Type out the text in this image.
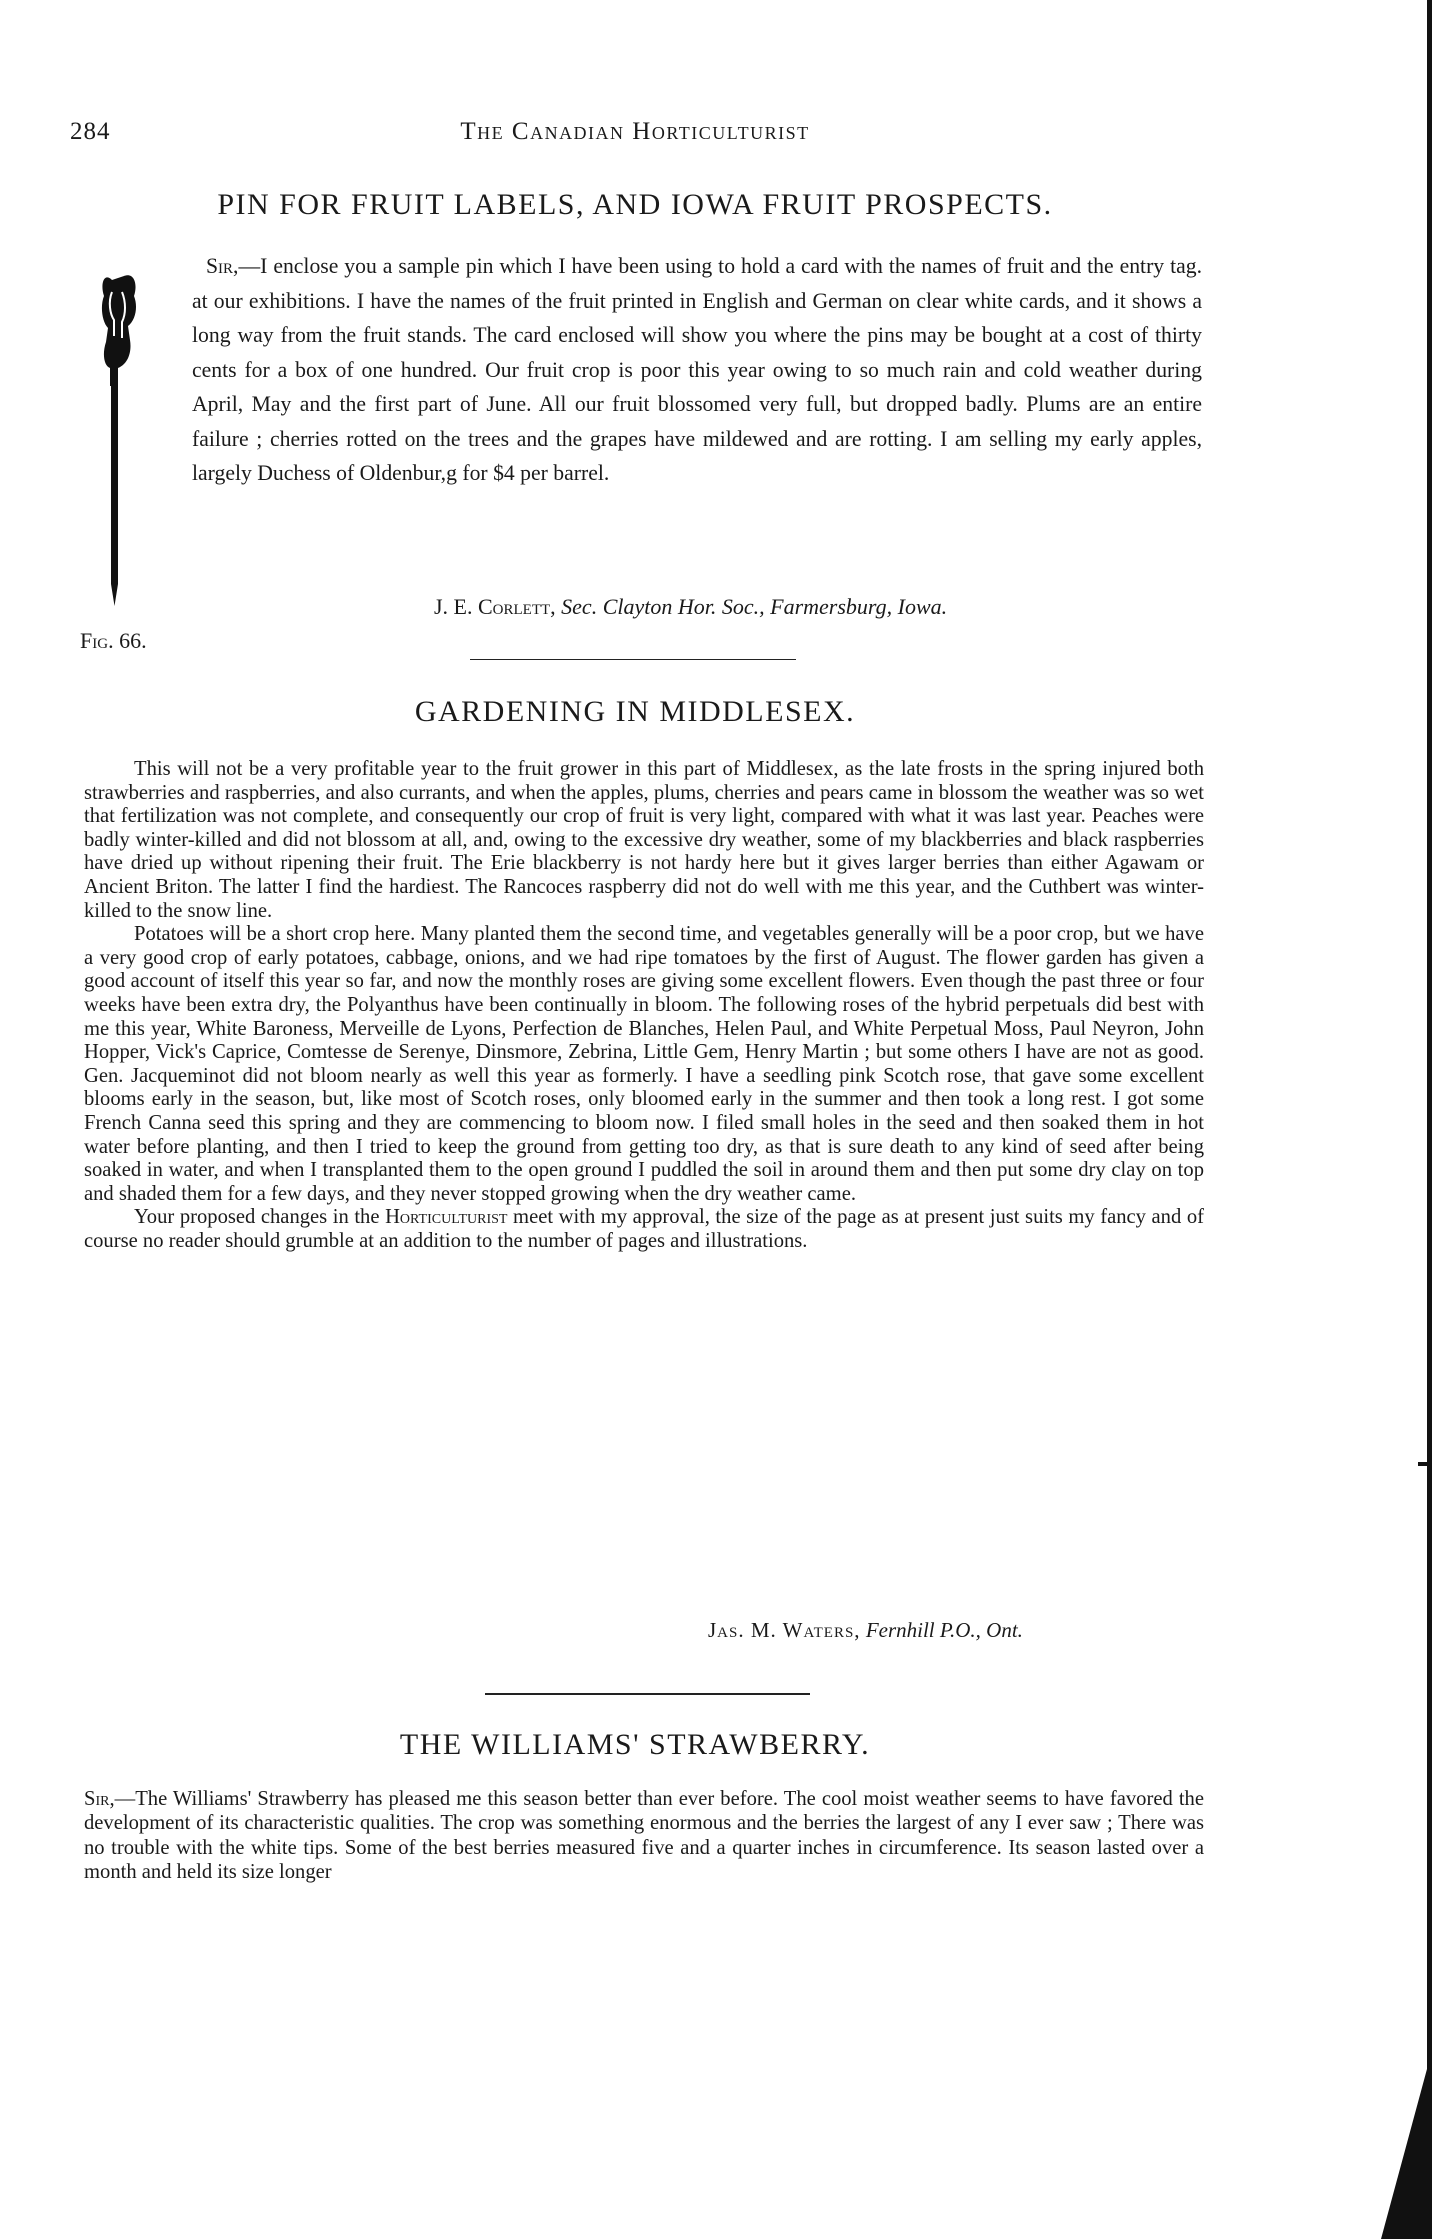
284	The Canadian Horticulturist
PIN FOR FRUIT LABELS, AND IOWA FRUIT PROSPECTS.
Fig. 66.

Sir,—I enclose you a sample pin which I have been using to hold a card with the names of fruit and the entry tag. at our exhibitions. I have the names of the fruit printed in English and German on clear white cards, and it shows a long way from the fruit stands. The card enclosed will show you where the pins may be bought at a cost of thirty cents for a box of one hundred. Our fruit crop is poor this year owing to so much rain and cold weather during April, May and the first part of June. All our fruit blossomed very full, but dropped badly. Plums are an entire failure ; cherries rotted on the trees and the grapes have mildewed and are rotting. I am selling my early apples, largely Duchess of Oldenbur,g for $4 per barrel.

J. E. Corlett, Sec. Clayton Hor. Soc., Farmersburg, Iowa.

GARDENING IN MIDDLESEX.

This will not be a very profitable year to the fruit grower in this part of Middlesex, as the late frosts in the spring injured both strawberries and raspberries, and also currants, and when the apples, plums, cherries and pears came in blossom the weather was so wet that fertilization was not complete, and consequently our crop of fruit is very light, compared with what it was last year. Peaches were badly winter-killed and did not blossom at all, and, owing to the excessive dry weather, some of my blackberries and black raspberries have dried up without ripening their fruit. The Erie blackberry is not hardy here but it gives larger berries than either Agawam or Ancient Briton. The latter I find the hardiest. The Rancoces raspberry did not do well with me this year, and the Cuthbert was winter-killed to the snow line.

Potatoes will be a short crop here. Many planted them the second time, and vegetables generally will be a poor crop, but we have a very good crop of early potatoes, cabbage, onions, and we had ripe tomatoes by the first of August. The flower garden has given a good account of itself this year so far, and now the monthly roses are giving some excellent flowers. Even though the past three or four weeks have been extra dry, the Polyanthus have been continually in bloom. The following roses of the hybrid perpetuals did best with me this year, White Baroness, Merveille de Lyons, Perfection de Blanches, Helen Paul, and White Perpetual Moss, Paul Neyron, John Hopper, Vick's Caprice, Comtesse de Serenye, Dinsmore, Zebrina, Little Gem, Henry Martin ; but some others I have are not as good. Gen. Jacqueminot did not bloom nearly as well this year as formerly. I have a seedling pink Scotch rose, that gave some excellent blooms early in the season, but, like most of Scotch roses, only bloomed early in the summer and then took a long rest. I got some French Canna seed this spring and they are commencing to bloom now. I filed small holes in the seed and then soaked them in hot water before planting, and then I tried to keep the ground from getting too dry, as that is sure death to any kind of seed after being soaked in water, and when I transplanted them to the open ground I puddled the soil in around them and then put some dry clay on top and shaded them for a few days, and they never stopped growing when the dry weather came.

Your proposed changes in the Horticulturist meet with my approval, the size of the page as at present just suits my fancy and of course no reader should grumble at an addition to the number of pages and illustrations.

Jas. M. Waters, Fernhill P.O., Ont.

THE WILLIAMS' STRAWBERRY.

Sir,—The Williams' Strawberry has pleased me this season better than ever before. The cool moist weather seems to have favored the development of its characteristic qualities. The crop was something enormous and the berries the largest of any I ever saw ; There was no trouble with the white tips. Some of the best berries measured five and a quarter inches in circumference. Its season lasted over a month and held its size longer
